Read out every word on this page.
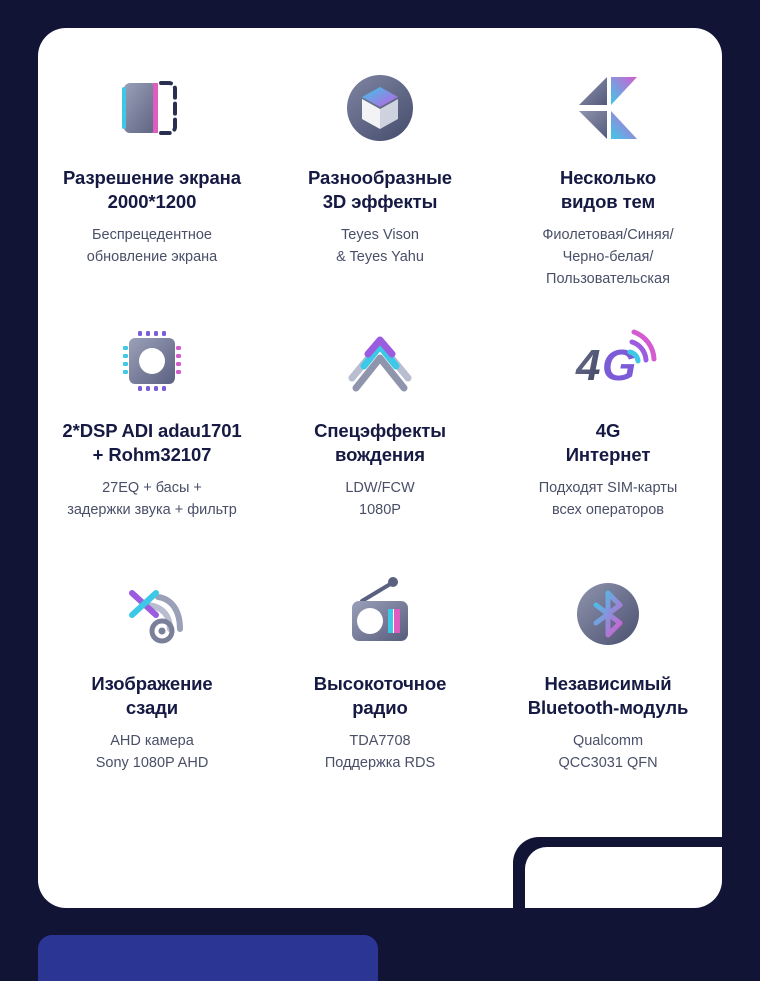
Разрешение экрана
2000*1200
Беспрецедентное
обновление экрана
Разнообразные
3D эффекты
Teyes Vison
& Teyes Yahu
Несколько
видов тем
Фиолетовая/Синяя/
Черно-белая/
Пользовательская
2*DSP ADI adau1701
+ Rohm32107
27EQ + басы +
задержки звука + фильтр
Спецэффекты
вождения
LDW/FCW
1080P
4 G
4G
Интернет
Подходят SIM-карты
всех операторов
Изображение
сзади
AHD камера
Sony 1080P AHD
Высокоточное
радио
TDA7708
Поддержка RDS
Независимый
Bluetooth-модуль
Qualcomm
QCC3031 QFN
